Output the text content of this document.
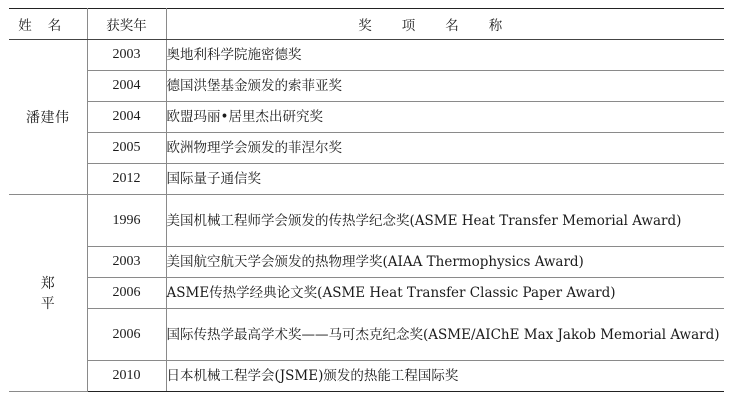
姓名	获奖年	奖项名称
潘建伟	2003	奥地利科学院施密德奖
	2004	德国洪堡基金颁发的索菲亚奖
	2004	欧盟玛丽•居里杰出研究奖
	2005	欧洲物理学会颁发的菲涅尔奖
	2012	国际量子通信奖
郑平	1996	美国机械工程师学会颁发的传热学纪念奖(ASME Heat Transfer Memorial Award)
	2003	美国航空航天学会颁发的热物理学奖(AIAA Thermophysics Award)
	2006	ASME传热学经典论文奖(ASME Heat Transfer Classic Paper Award)
	2006	国际传热学最高学术奖——马可杰克纪念奖(ASME/AIChE Max Jakob Memorial Award)
	2010	日本机械工程学会(JSME)颁发的热能工程国际奖
